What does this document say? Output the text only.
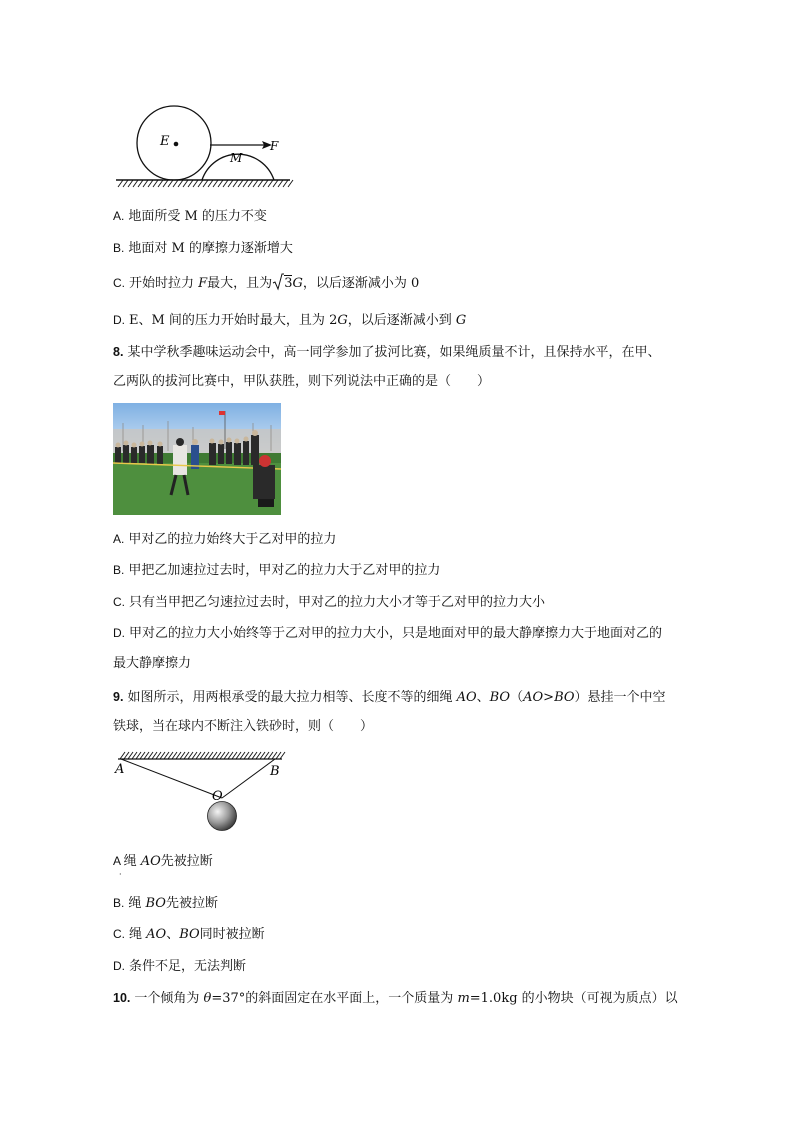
E
M
F
A. 地面所受 M 的压力不变
B. 地面对 M 的摩擦力逐渐增大
C. 开始时拉力 F最大，且为 3G，以后逐渐减小为 0
D. E、M 间的压力开始时最大，且为 2G，以后逐渐减小到 G
8. 某中学秋季趣味运动会中，高一同学参加了拔河比赛，如果绳质量不计，且保持水平，在甲、
乙两队的拔河比赛中，甲队获胜，则下列说法中正确的是（　　）
A. 甲对乙的拉力始终大于乙对甲的拉力
B. 甲把乙加速拉过去时，甲对乙的拉力大于乙对甲的拉力
C. 只有当甲把乙匀速拉过去时，甲对乙的拉力大小才等于乙对甲的拉力大小
D. 甲对乙的拉力大小始终等于乙对甲的拉力大小，只是地面对甲的最大静摩擦力大于地面对乙的
最大静摩擦力
9. 如图所示，用两根承受的最大拉力相等、长度不等的细绳 AO、BO（AO>BO）悬挂一个中空
铁球，当在球内不断注入铁砂时，则（　　）
A	B
O
$A_\cdot$绳 AO先被拉断
B. 绳 BO先被拉断
C. 绳 AO、BO同时被拉断
D. 条件不足，无法判断
10. 一个倾角为 θ=37°的斜面固定在水平面上，一个质量为 m=1.0kg 的小物块（可视为质点）以
